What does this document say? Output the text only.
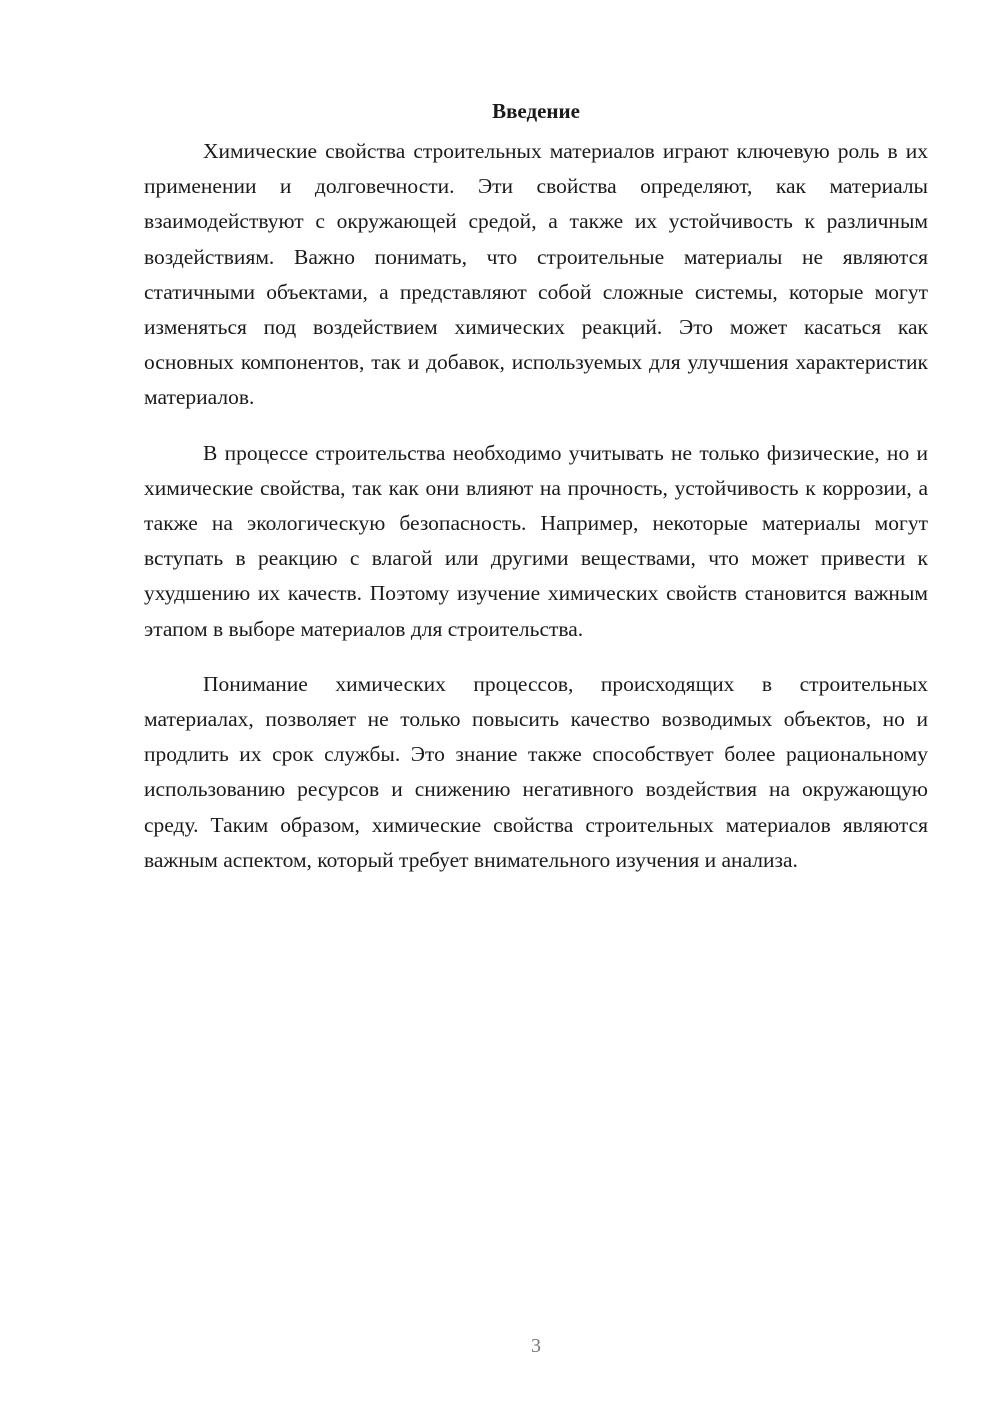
Введение

Химические свойства строительных материалов играют ключевую роль в их применении и долговечности. Эти свойства определяют, как материалы взаимодействуют с окружающей средой, а также их устойчивость к различным воздействиям. Важно понимать, что строительные материалы не являются статичными объектами, а представляют собой сложные системы, которые могут изменяться под воздействием химических реакций. Это может касаться как основных компонентов, так и добавок, используемых для улучшения характеристик материалов.

В процессе строительства необходимо учитывать не только физические, но и химические свойства, так как они влияют на прочность, устойчивость к коррозии, а также на экологическую безопасность. Например, некоторые материалы могут вступать в реакцию с влагой или другими веществами, что может привести к ухудшению их качеств. Поэтому изучение химических свойств становится важным этапом в выборе материалов для строительства.

Понимание химических процессов, происходящих в строительных материалах, позволяет не только повысить качество возводимых объектов, но и продлить их срок службы. Это знание также способствует более рациональному использованию ресурсов и снижению негативного воздействия на окружающую среду. Таким образом, химические свойства строительных материалов являются важным аспектом, который требует внимательного изучения и анализа.

3
